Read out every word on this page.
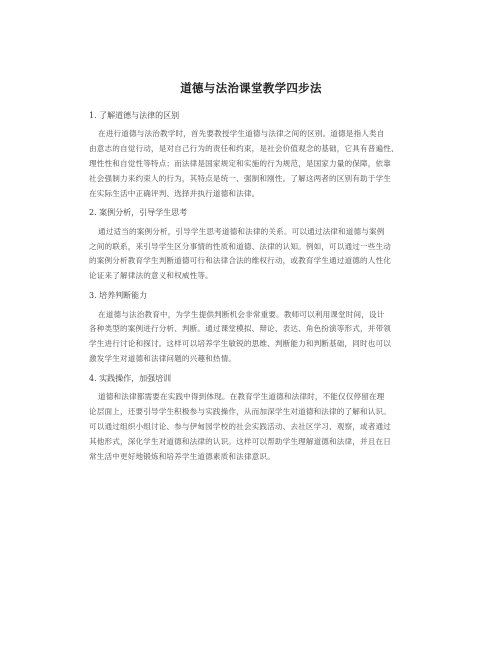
道德与法治课堂教学四步法
1. 了解道德与法律的区别
在进行道德与法治教学时，首先要教授学生道德与法律之间的区别。道德是指人类自
由意志的自觉行动，是对自己行为的责任和约束，是社会价值观念的基础，它具有普遍性、
理性性和自觉性等特点；而法律是国家规定和实施的行为规范，是国家力量的保障，依靠
社会强制力来约束人的行为，其特点是统一、强制和刚性。了解这两者的区别有助于学生
在实际生活中正确评判、选择并执行道德和法律。
2. 案例分析，引导学生思考
通过适当的案例分析，引导学生思考道德和法律的关系。可以通过法律和道德与案例
之间的联系，来引导学生区分事情的性质和道德、法律的认知。例如，可以通过一些生动
的案例分析教育学生判断道德可行和法律合法的维权行动，或教育学生通过道德的人性化
论证来了解律法的意义和权威性等。
3. 培养判断能力
在道德与法治教育中，为学生提供判断机会非常重要。教师可以利用课堂时间，设计
各种类型的案例进行分析、判断。通过课堂模拟、辩论、表达、角色扮演等形式，并带领
学生进行讨论和探讨。这样可以培养学生敏锐的思维、判断能力和判断基础，同时也可以
激发学生对道德和法律问题的兴趣和热情。
4. 实践操作，加强培训
道德和法律都需要在实践中得到体现。在教育学生道德和法律时，不能仅仅停留在理
论层面上，还要引导学生积极参与实践操作，从而加深学生对道德和法律的了解和认识。
可以通过组织小组讨论、参与伊甸园学校的社会实践活动、去社区学习、观察，或者通过
其他形式，深化学生对道德和法律的认识。这样可以帮助学生理解道德和法律，并且在日
常生活中更好地锻炼和培养学生道德素质和法律意识。
